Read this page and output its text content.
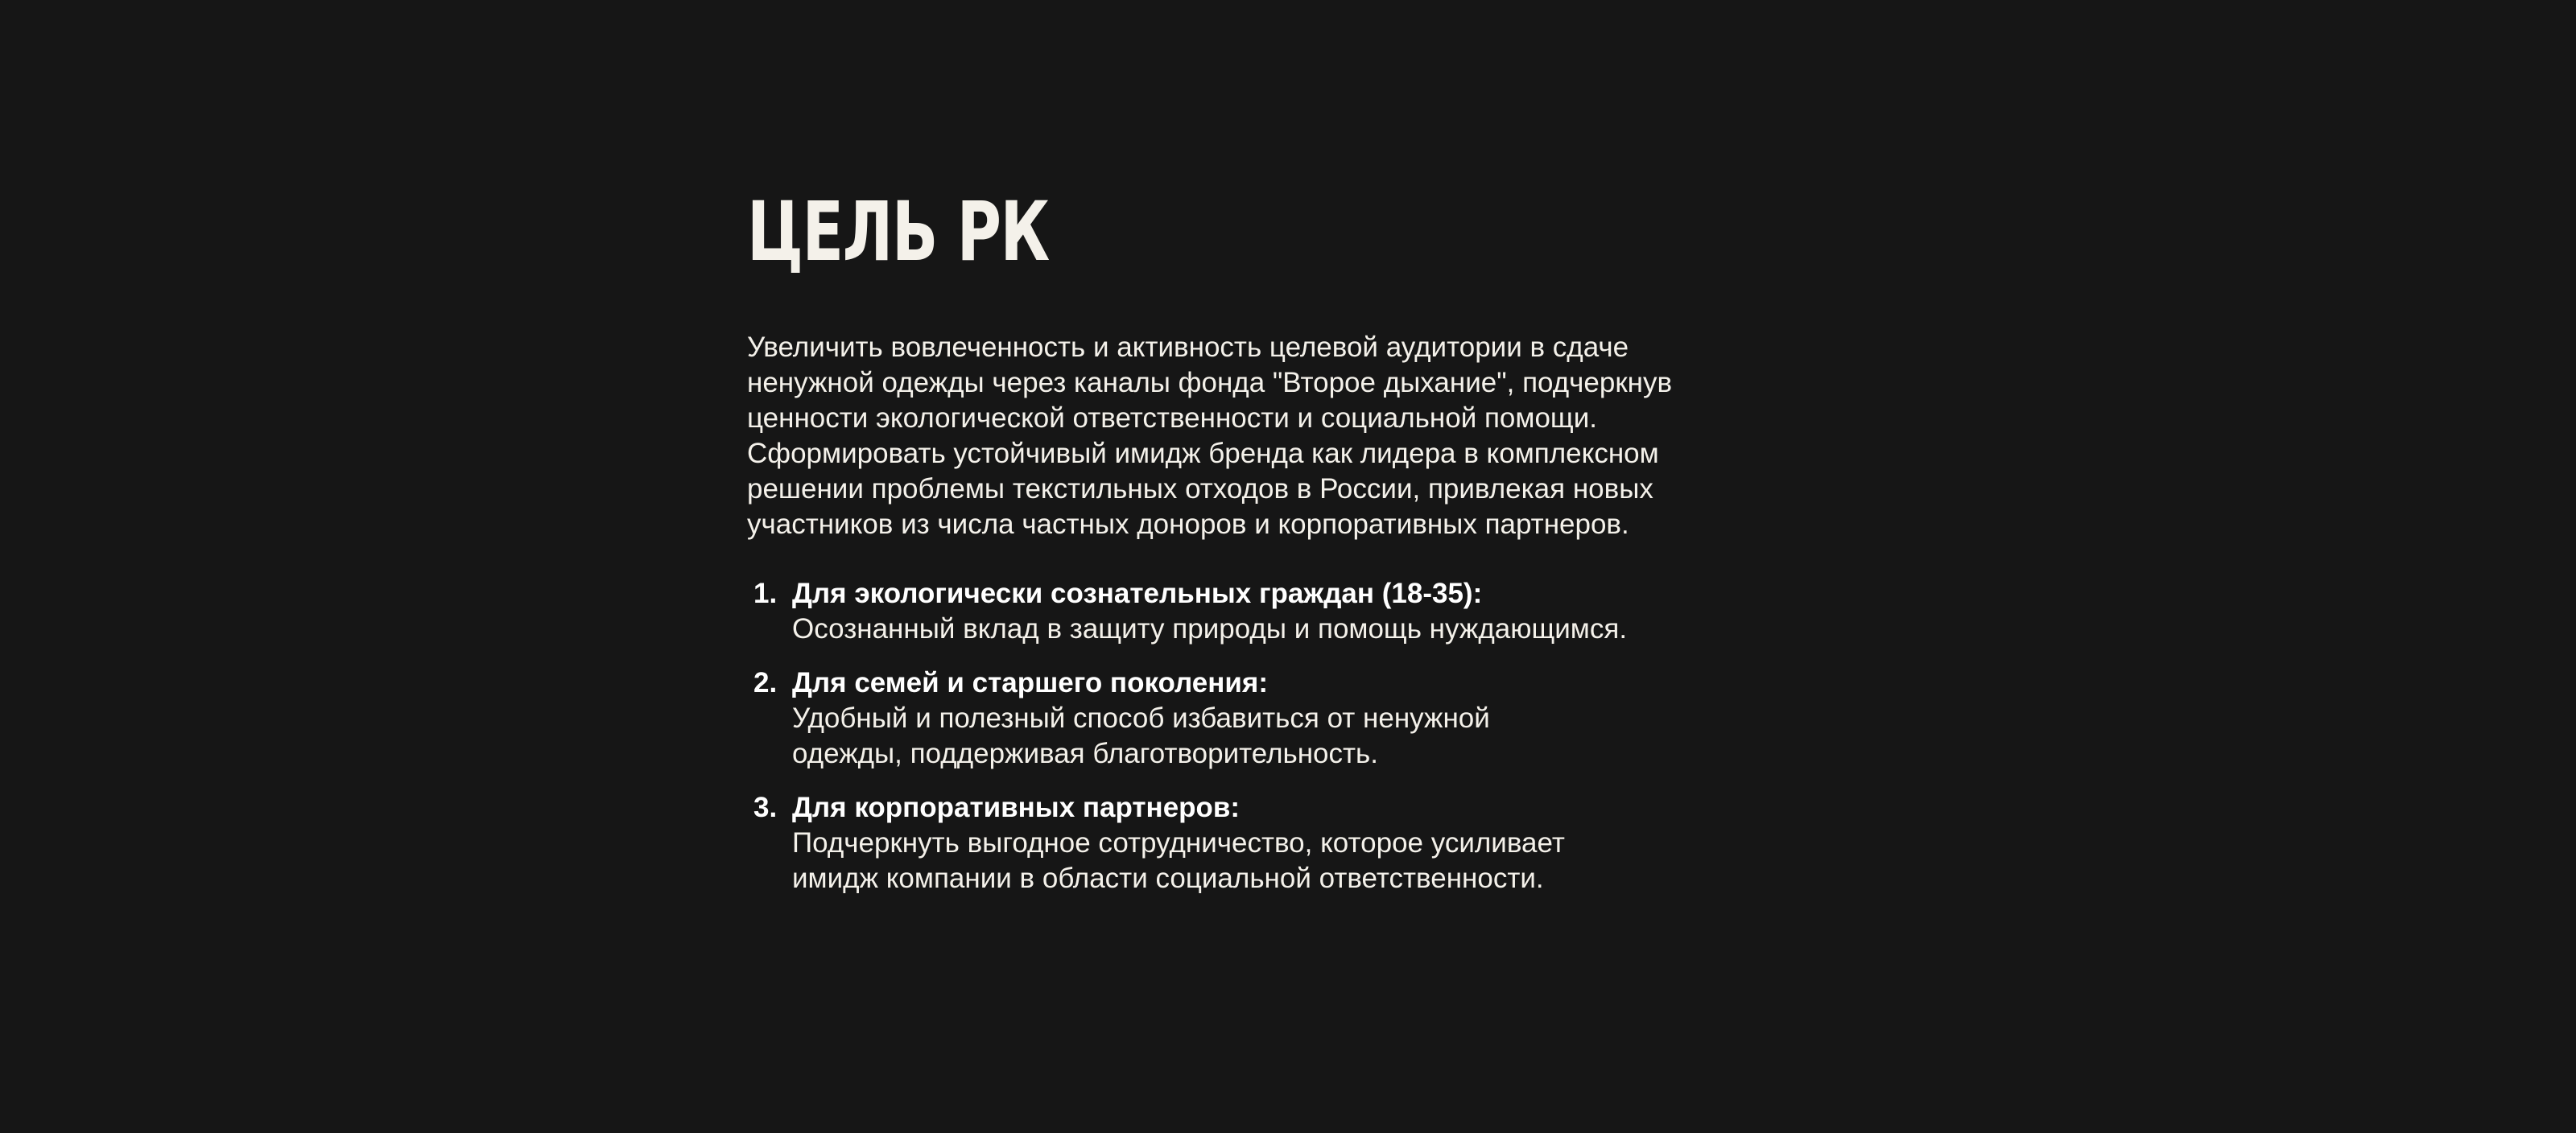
ЦЕЛЬ РК

Увеличить вовлеченность и активность целевой аудитории в сдаче
ненужной одежды через каналы фонда "Второе дыхание", подчеркнув
ценности экологической ответственности и социальной помощи.
Сформировать устойчивый имидж бренда как лидера в комплексном
решении проблемы текстильных отходов в России, привлекая новых
участников из числа частных доноров и корпоративных партнеров.

1. Для экологически сознательных граждан (18-35):
Осознанный вклад в защиту природы и помощь нуждающимся.
2. Для семей и старшего поколения:
Удобный и полезный способ избавиться от ненужной
одежды, поддерживая благотворительность.
3. Для корпоративных партнеров:
Подчеркнуть выгодное сотрудничество, которое усиливает
имидж компании в области социальной ответственности.
